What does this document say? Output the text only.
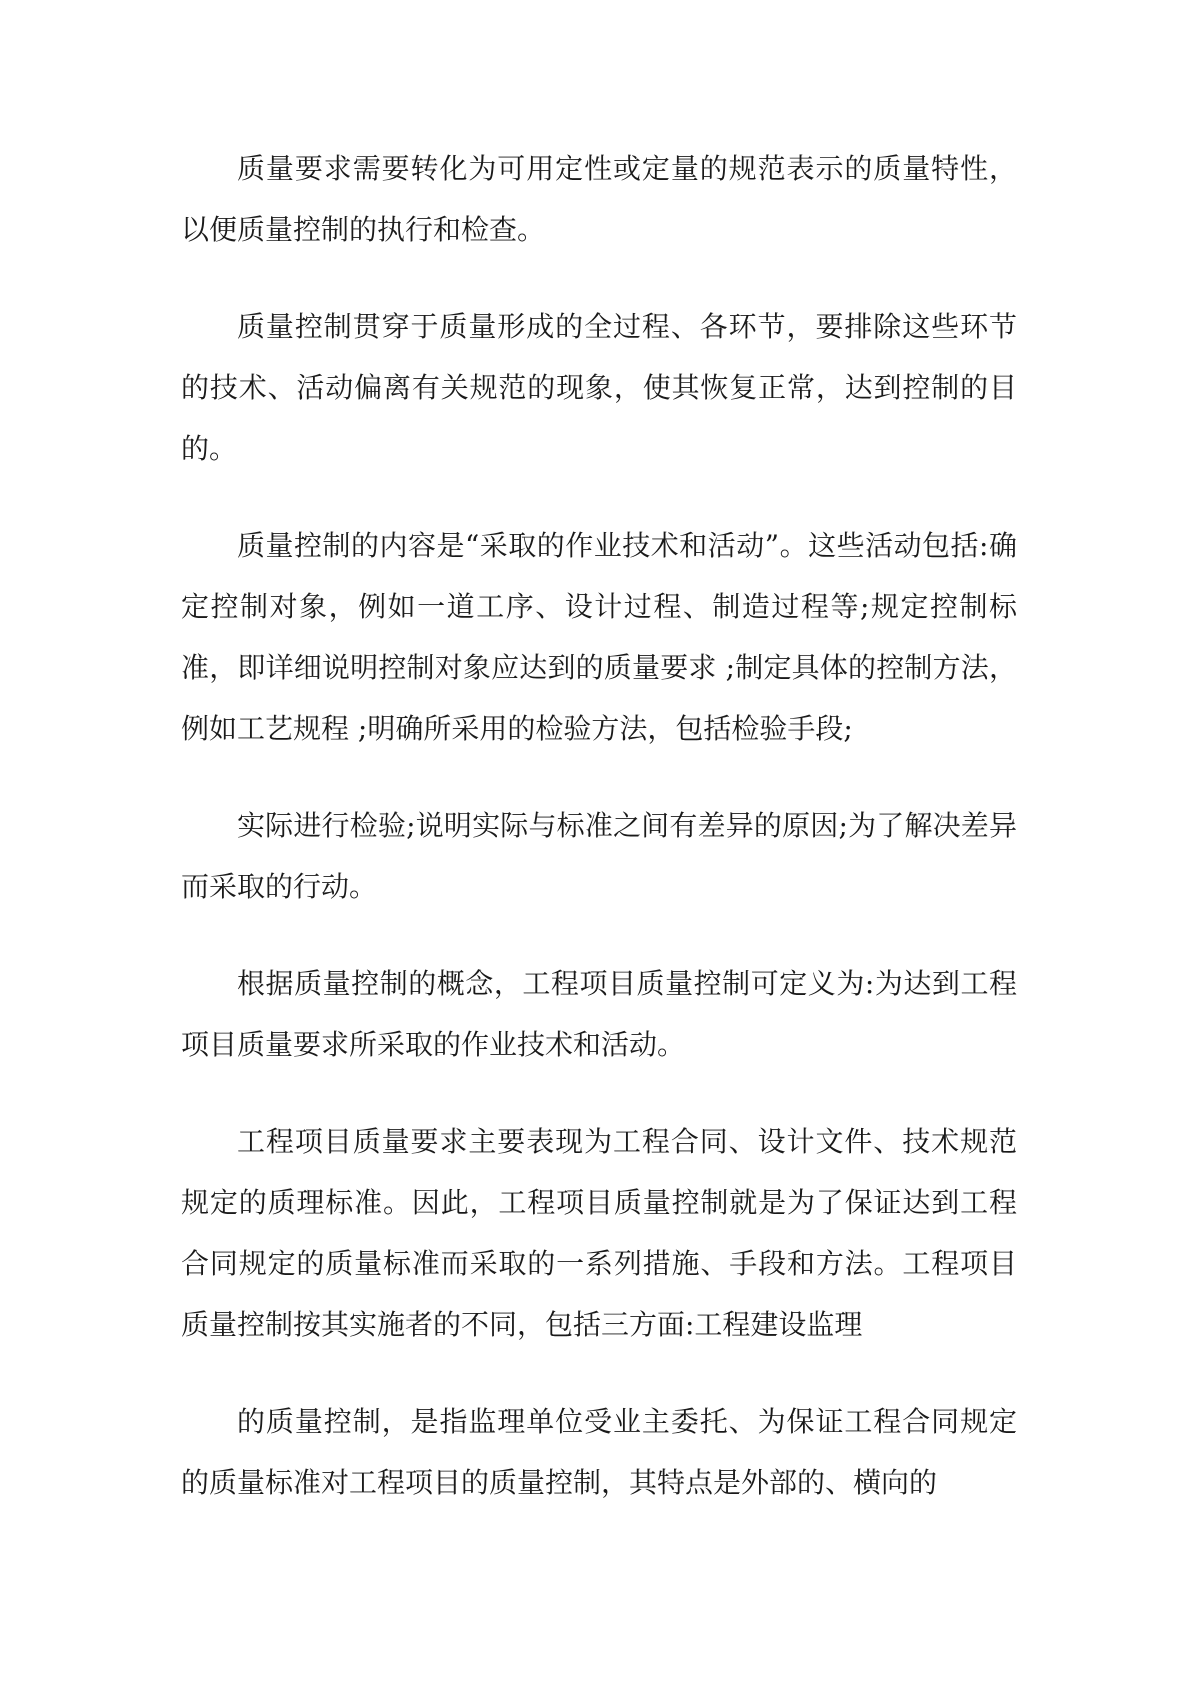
质量要求需要转化为可用定性或定量的规范表示的质量特性，以便质量控制的执行和检查。

质量控制贯穿于质量形成的全过程、各环节，要排除这些环节的技术、活动偏离有关规范的现象，使其恢复正常，达到控制的目的。

质量控制的内容是“采取的作业技术和活动”。这些活动包括:确定控制对象，例如一道工序、设计过程、制造过程等;规定控制标准，即详细说明控制对象应达到的质量要求 ;制定具体的控制方法，例如工艺规程 ;明确所采用的检验方法，包括检验手段;

实际进行检验;说明实际与标准之间有差异的原因;为了解决差异而采取的行动。

根据质量控制的概念，工程项目质量控制可定义为:为达到工程项目质量要求所采取的作业技术和活动。

工程项目质量要求主要表现为工程合同、设计文件、技术规范规定的质理标准。因此，工程项目质量控制就是为了保证达到工程合同规定的质量标准而采取的一系列措施、手段和方法。工程项目质量控制按其实施者的不同，包括三方面:工程建设监理

的质量控制，是指监理单位受业主委托、为保证工程合同规定的质量标准对工程项目的质量控制，其特点是外部的、横向的
